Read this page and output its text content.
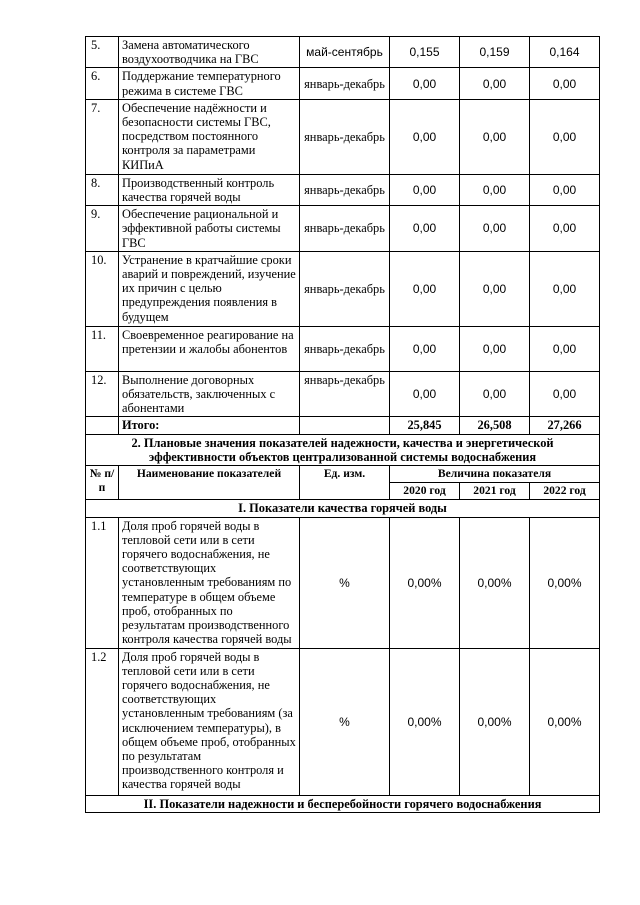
5.	Замена автоматического воздухоотводчика на ГВС	май-сентябрь	0,155	0,159	0,164
6.	Поддержание температурного режима в системе ГВС	январь-декабрь	0,00	0,00	0,00
7.	Обеспечение надёжности и безопасности системы ГВС, посредством постоянного контроля за параметрами КИПиА	январь-декабрь	0,00	0,00	0,00
8.	Производственный контроль качества горячей воды	январь-декабрь	0,00	0,00	0,00
9.	Обеспечение рациональной и эффективной работы системы ГВС	январь-декабрь	0,00	0,00	0,00
10.	Устранение в кратчайшие сроки аварий и повреждений, изучение их причин с целью предупреждения появления в будущем	январь-декабрь	0,00	0,00	0,00
11.	Своевременное реагирование на претензии и жалобы абонентов	январь-декабрь	0,00	0,00	0,00
12.	Выполнение договорных обязательств, заключенных с абонентами	январь-декабрь	0,00	0,00	0,00
	Итого:		25,845	26,508	27,266
2. Плановые значения показателей надежности, качества и энергетической эффективности объектов централизованной системы водоснабжения					
№ п/п	Наименование показателей	Ед. изм.	Величина показателя		
			2020 год	2021 год	2022 год
I. Показатели качества горячей воды					
1.1	Доля проб горячей воды в тепловой сети или в сети горячего водоснабжения, не соответствующих установленным требованиям по температуре в общем объеме проб, отобранных по результатам производственного контроля качества горячей воды	%	0,00%	0,00%	0,00%
1.2	Доля проб горячей воды в тепловой сети или в сети горячего водоснабжения, не соответствующих установленным требованиям (за исключением температуры), в общем объеме проб, отобранных по результатам производственного контроля и качества горячей воды	%	0,00%	0,00%	0,00%
II. Показатели надежности и бесперебойности горячего водоснабжения					
